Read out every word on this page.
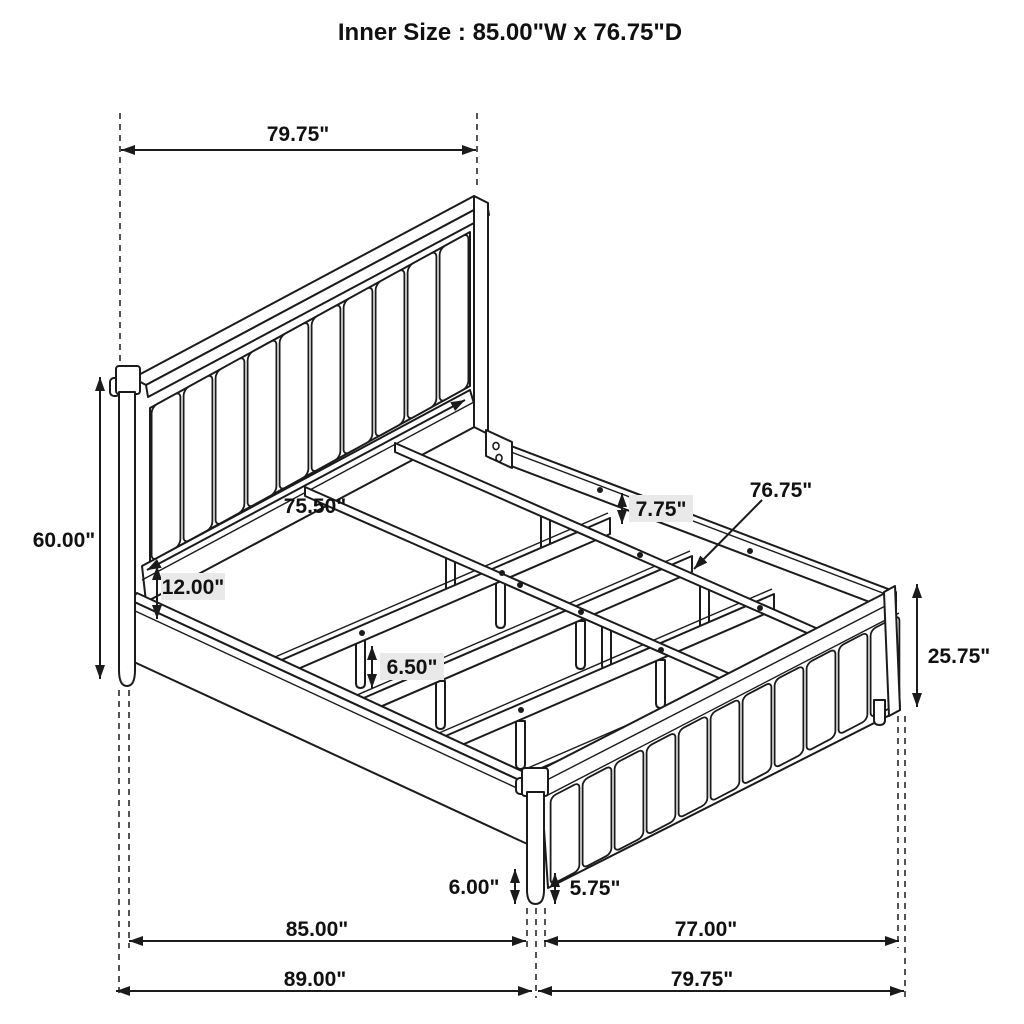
79.75"
60.00"
75.50"
12.00"
7.75"
76.75"
25.75"
6.50"
6.00"	5.75"
85.00"	77.00"
89.00"	79.75"
Inner Size : 85.00"W x 76.75"D
